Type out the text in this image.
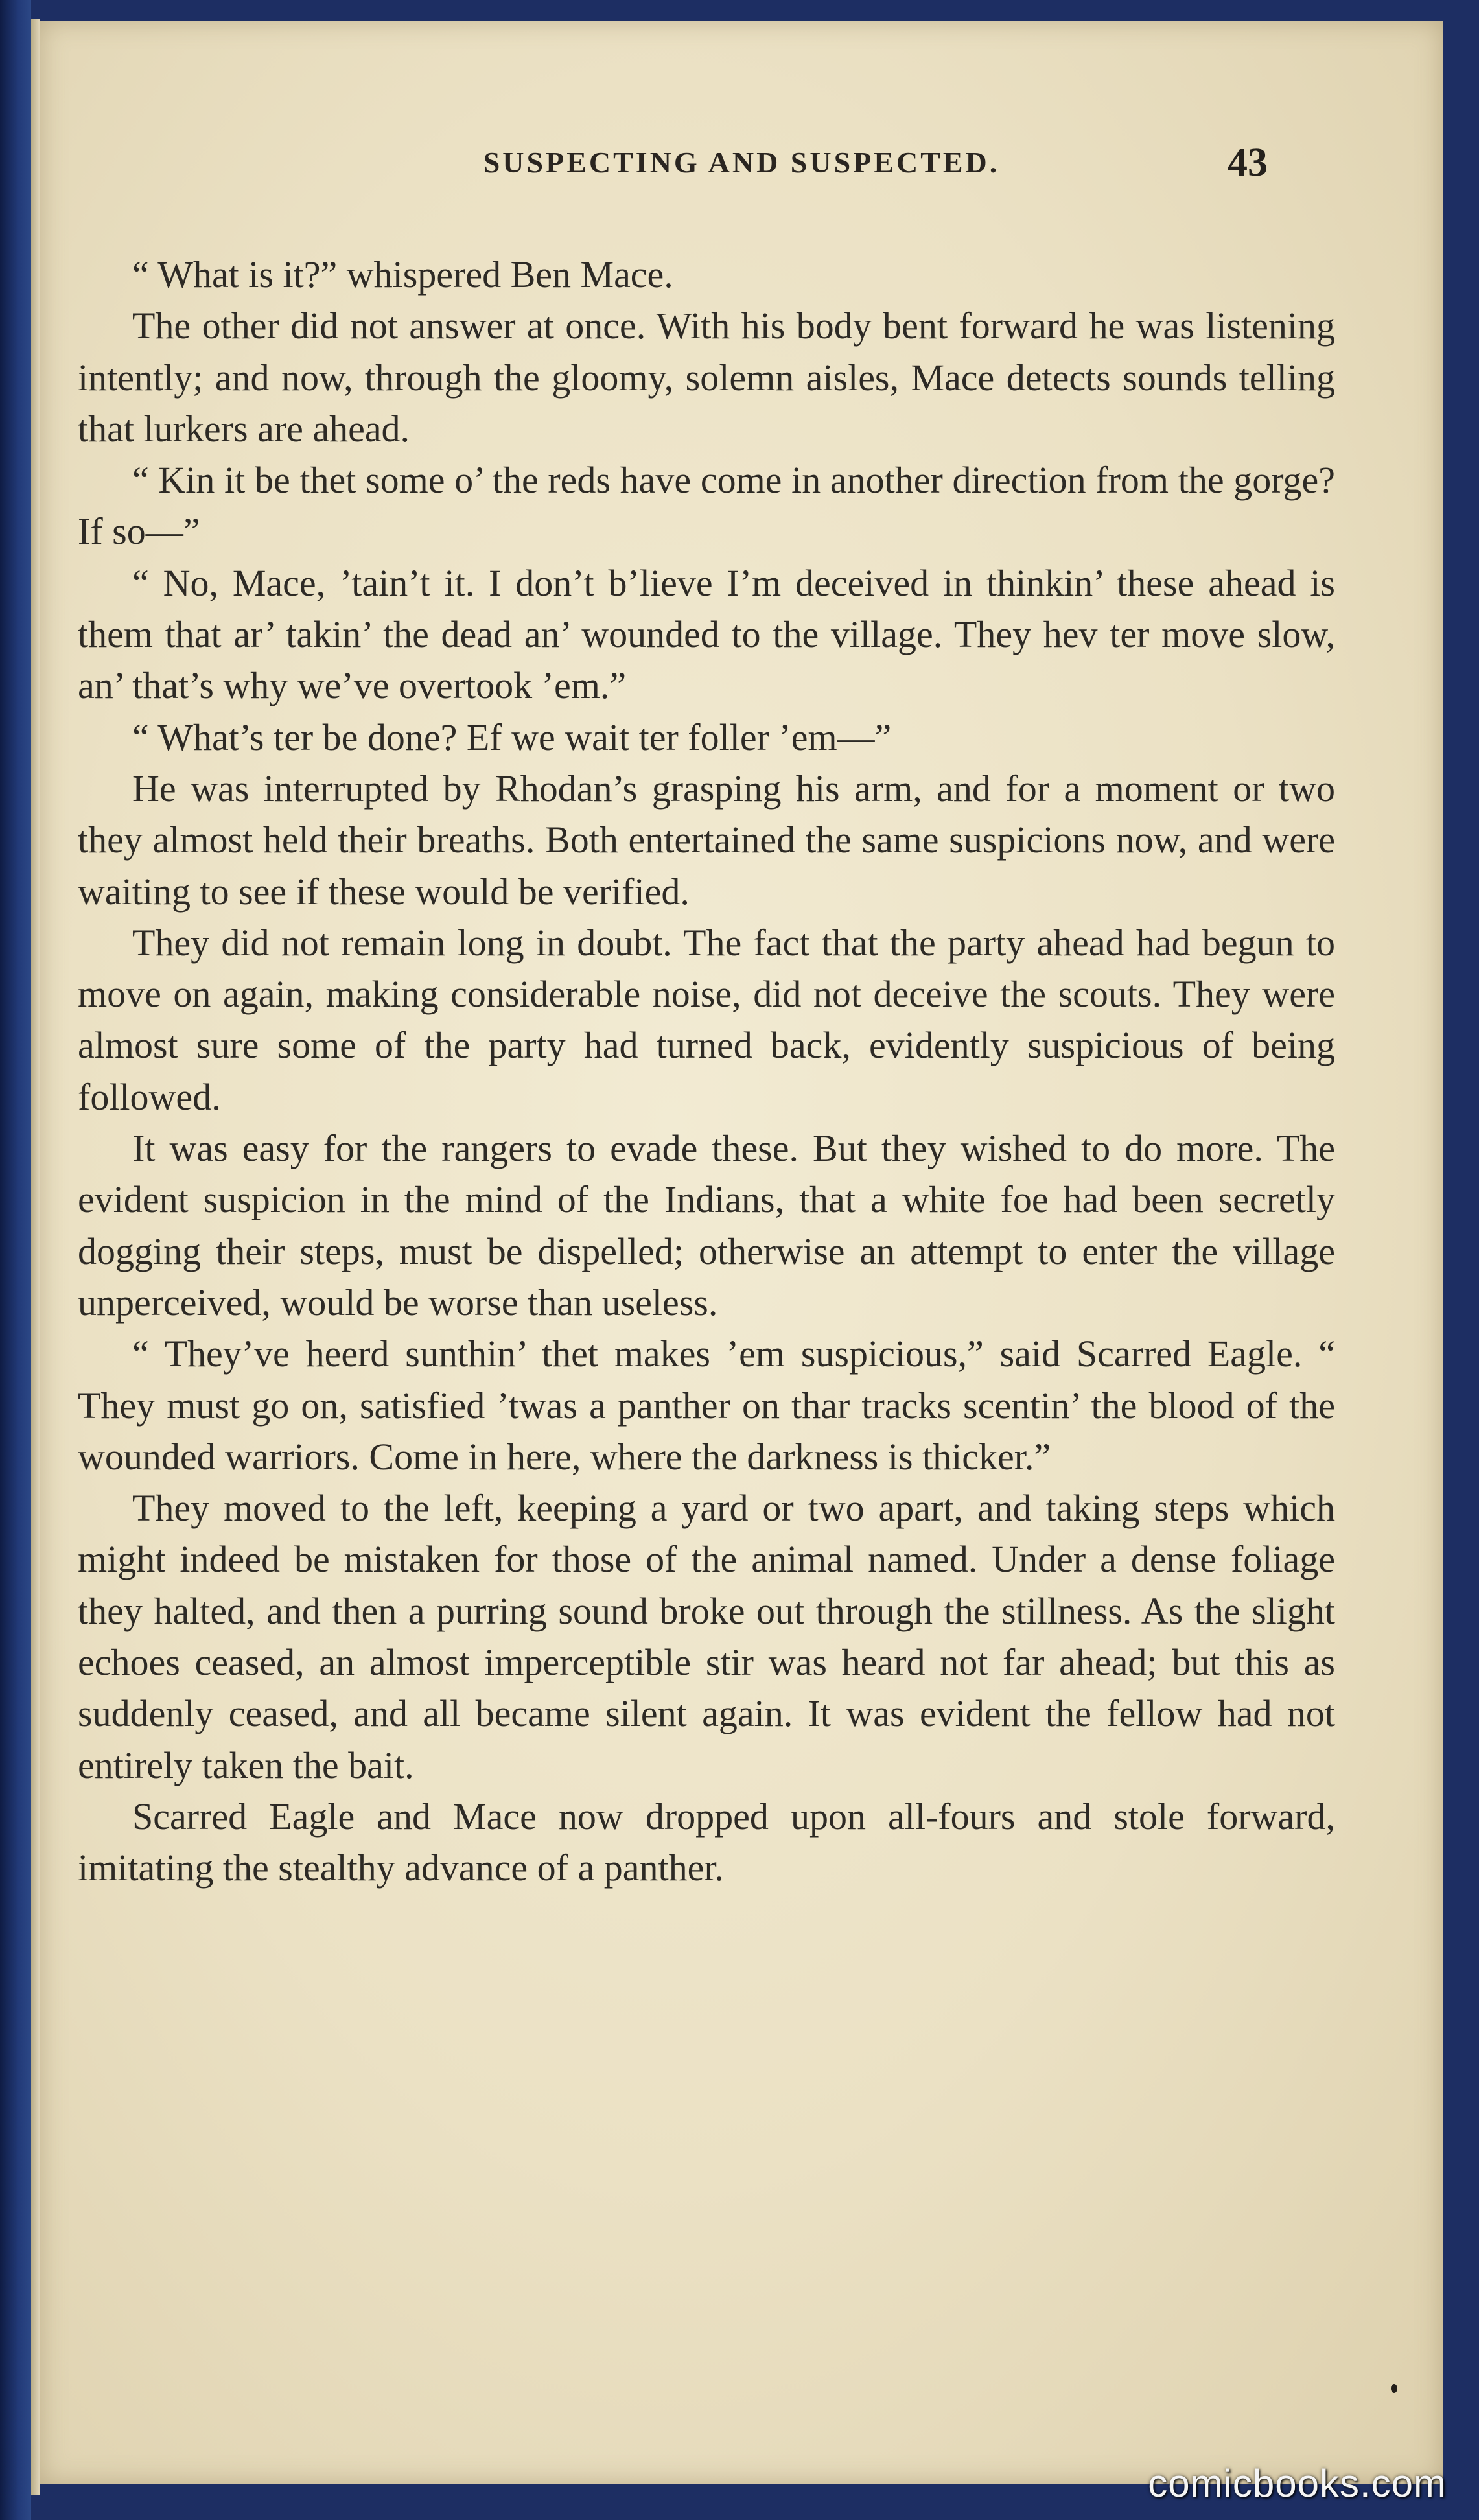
SUSPECTING AND SUSPECTED.	43

“ What is it?” whispered Ben Mace.

The other did not answer at once. With his body bent forward he was listening intently; and now, through the gloomy, solemn aisles, Mace detects sounds telling that lurkers are ahead.

“ Kin it be thet some o’ the reds have come in another direction from the gorge? If so—”

“ No, Mace, ’tain’t it. I don’t b’lieve I’m deceived in thinkin’ these ahead is them that ar’ takin’ the dead an’ wounded to the village. They hev ter move slow, an’ that’s why we’ve overtook ’em.”

“ What’s ter be done? Ef we wait ter foller ’em—”

He was interrupted by Rhodan’s grasping his arm, and for a moment or two they almost held their breaths. Both entertained the same suspicions now, and were waiting to see if these would be verified.

They did not remain long in doubt. The fact that the party ahead had begun to move on again, making considerable noise, did not deceive the scouts. They were almost sure some of the party had turned back, evidently suspicious of being followed.

It was easy for the rangers to evade these. But they wished to do more. The evident suspicion in the mind of the Indians, that a white foe had been secretly dogging their steps, must be dispelled; otherwise an attempt to enter the village unperceived, would be worse than useless.

“ They’ve heerd sunthin’ thet makes ’em suspicious,” said Scarred Eagle. “ They must go on, satisfied ’twas a panther on thar tracks scentin’ the blood of the wounded warriors. Come in here, where the darkness is thicker.”

They moved to the left, keeping a yard or two apart, and taking steps which might indeed be mistaken for those of the animal named. Under a dense foliage they halted, and then a purring sound broke out through the stillness. As the slight echoes ceased, an almost imperceptible stir was heard not far ahead; but this as suddenly ceased, and all became silent again. It was evident the fellow had not entirely taken the bait.

Scarred Eagle and Mace now dropped upon all-fours and stole forward, imitating the stealthy advance of a panther.

comicbooks.com
